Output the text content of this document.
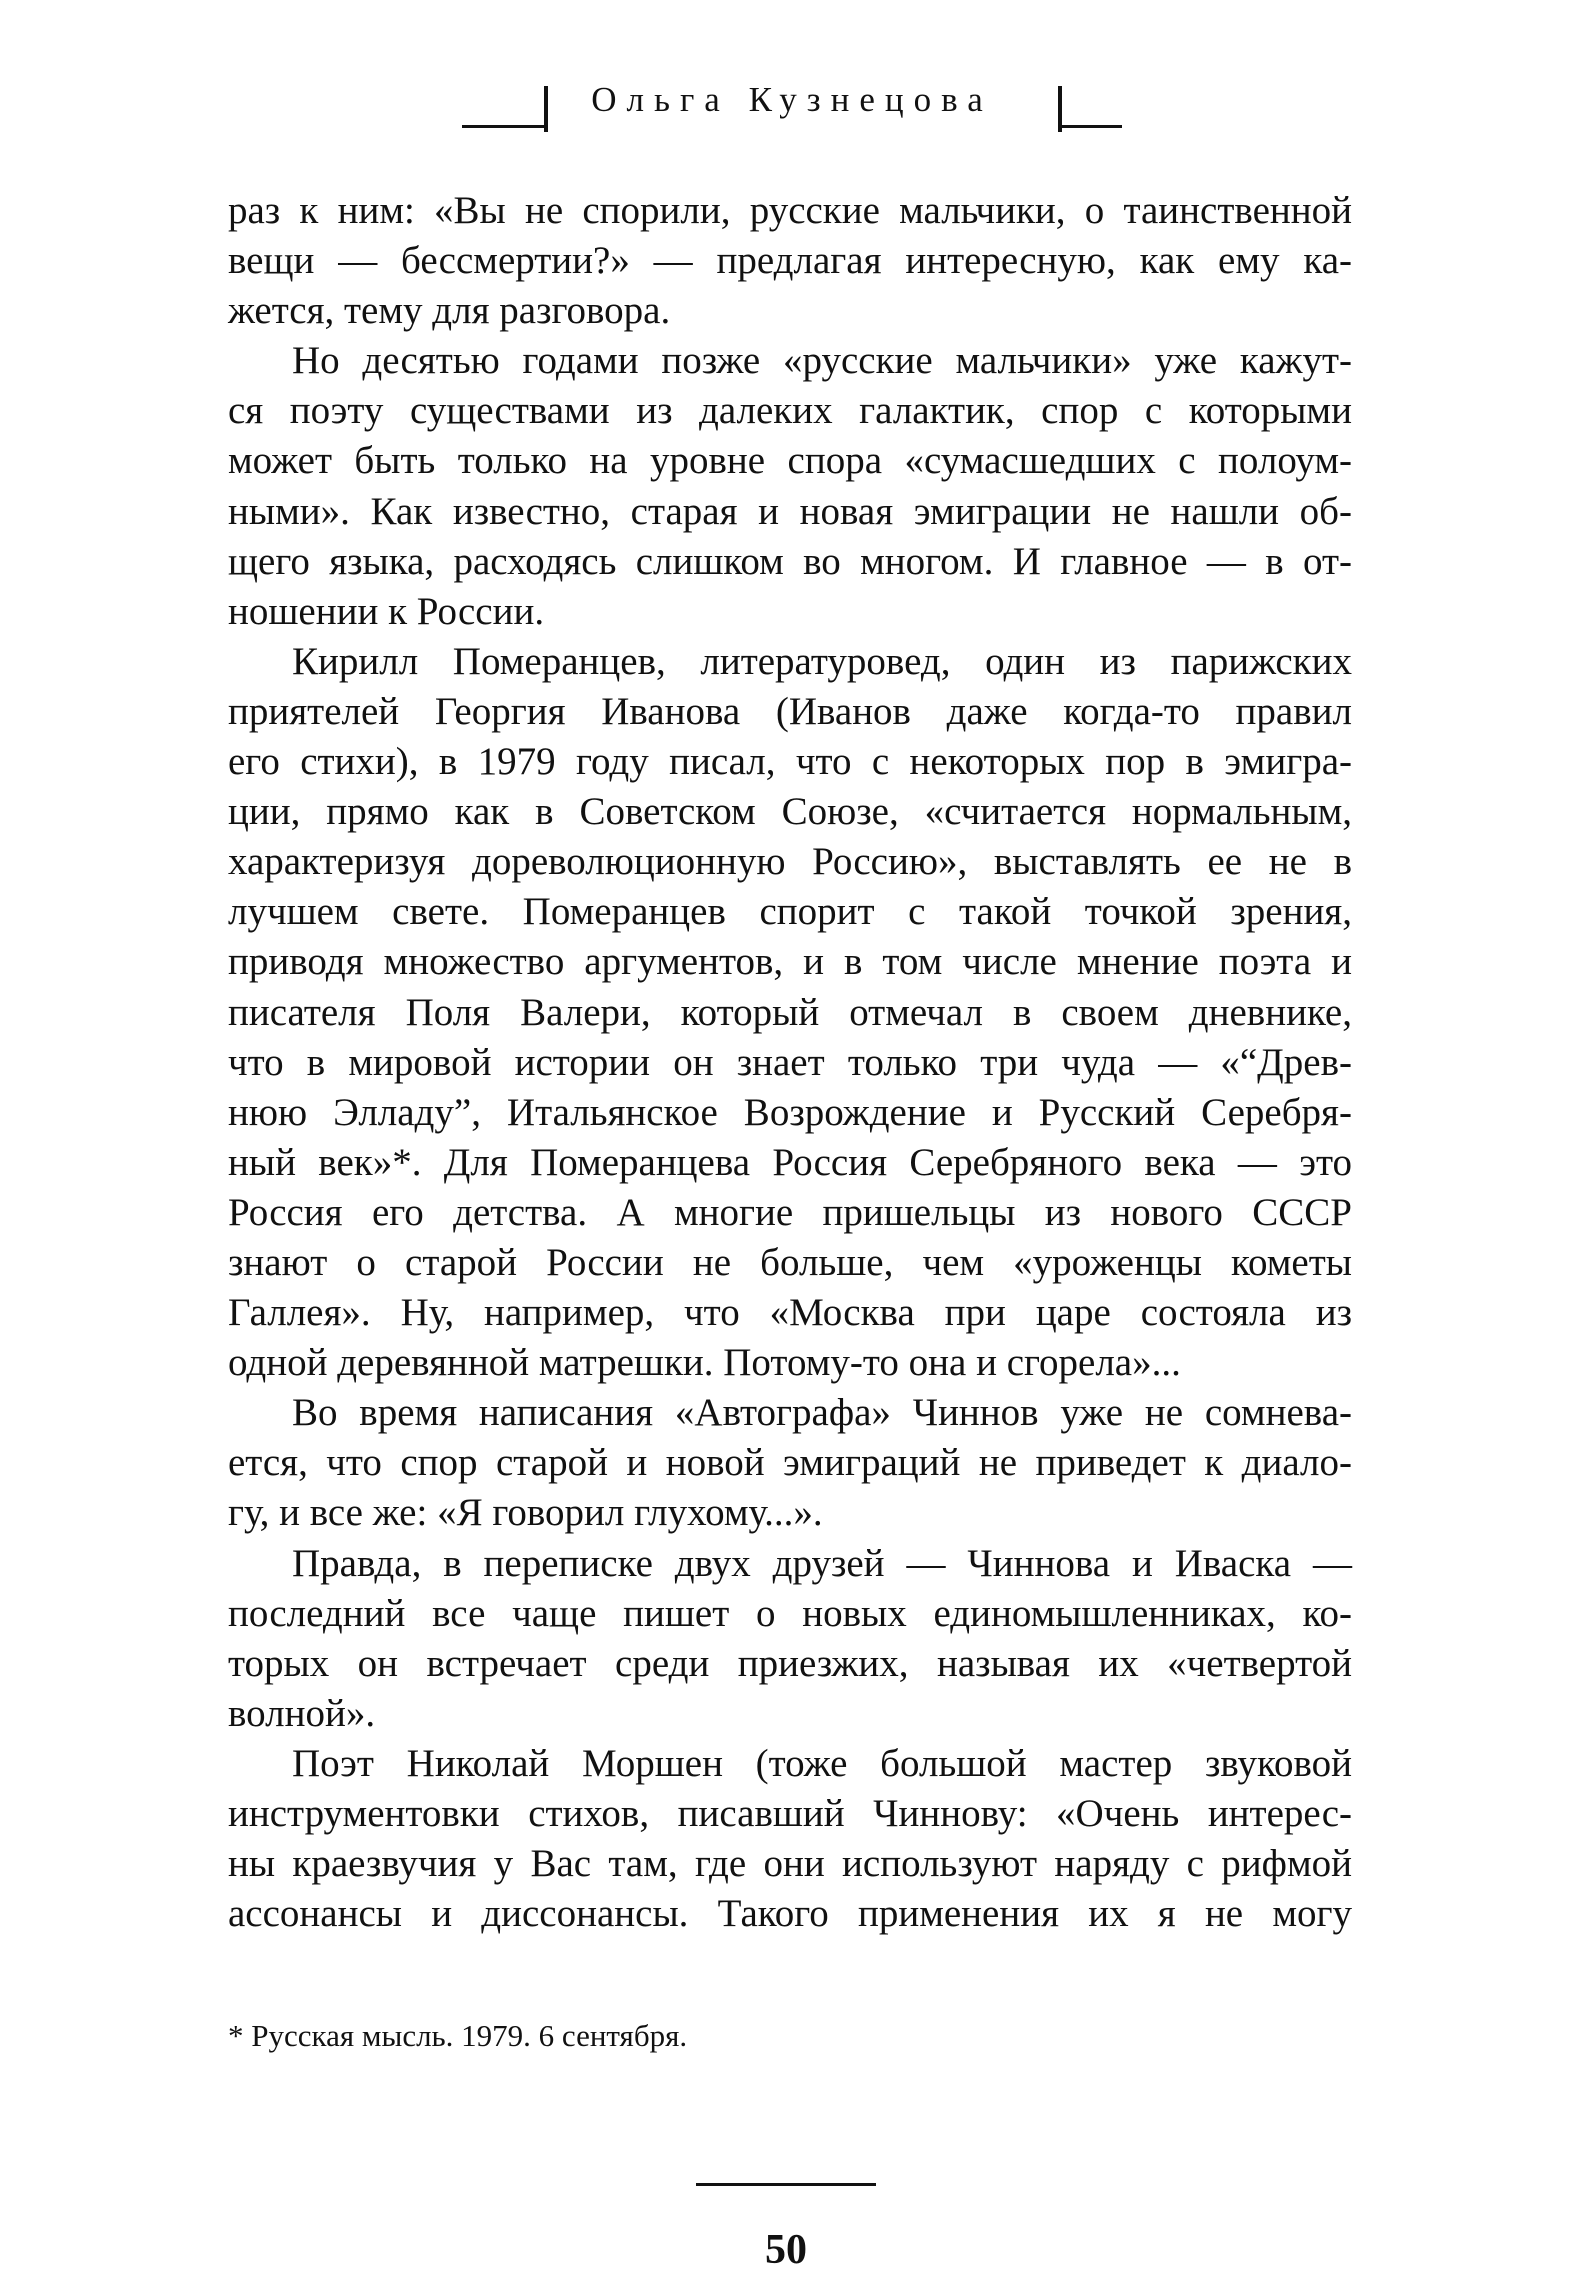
Ольга Кузнецова
раз к ним: «Вы не спорили, русские мальчики, о таинственной
вещи — бессмертии?» — предлагая интересную, как ему ка-
жется, тему для разговора.
Но десятью годами позже «русские мальчики» уже кажут-
ся поэту существами из далеких галактик, спор с которыми
может быть только на уровне спора «сумасшедших с полоум-
ными». Как известно, старая и новая эмиграции не нашли об-
щего языка, расходясь слишком во многом. И главное — в от-
ношении к России.
Кирилл Померанцев, литературовед, один из парижских
приятелей Георгия Иванова (Иванов даже когда-то правил
его стихи), в 1979 году писал, что с некоторых пор в эмигра-
ции, прямо как в Советском Союзе, «считается нормальным,
характеризуя дореволюционную Россию», выставлять ее не в
лучшем свете. Померанцев спорит с такой точкой зрения,
приводя множество аргументов, и в том числе мнение поэта и
писателя Поля Валери, который отмечал в своем дневнике,
что в мировой истории он знает только три чуда — «“Древ-
нюю Элладу”, Итальянское Возрождение и Русский Серебря-
ный век»*. Для Померанцева Россия Серебряного века — это
Россия его детства. А многие пришельцы из нового СССР
знают о старой России не больше, чем «уроженцы кометы
Галлея». Ну, например, что «Москва при царе состояла из
одной деревянной матрешки. Потому-то она и сгорела»...
Во время написания «Автографа» Чиннов уже не сомнева-
ется, что спор старой и новой эмиграций не приведет к диало-
гу, и все же: «Я говорил глухому...».
Правда, в переписке двух друзей — Чиннова и Иваска —
последний все чаще пишет о новых единомышленниках, ко-
торых он встречает среди приезжих, называя их «четвертой
волной».
Поэт Николай Моршен (тоже большой мастер звуковой
инструментовки стихов, писавший Чиннову: «Очень интерес-
ны краезвучия у Вас там, где они используют наряду с рифмой
ассонансы и диссонансы. Такого применения их я не могу
* Русская мысль. 1979. 6 сентября.
50
